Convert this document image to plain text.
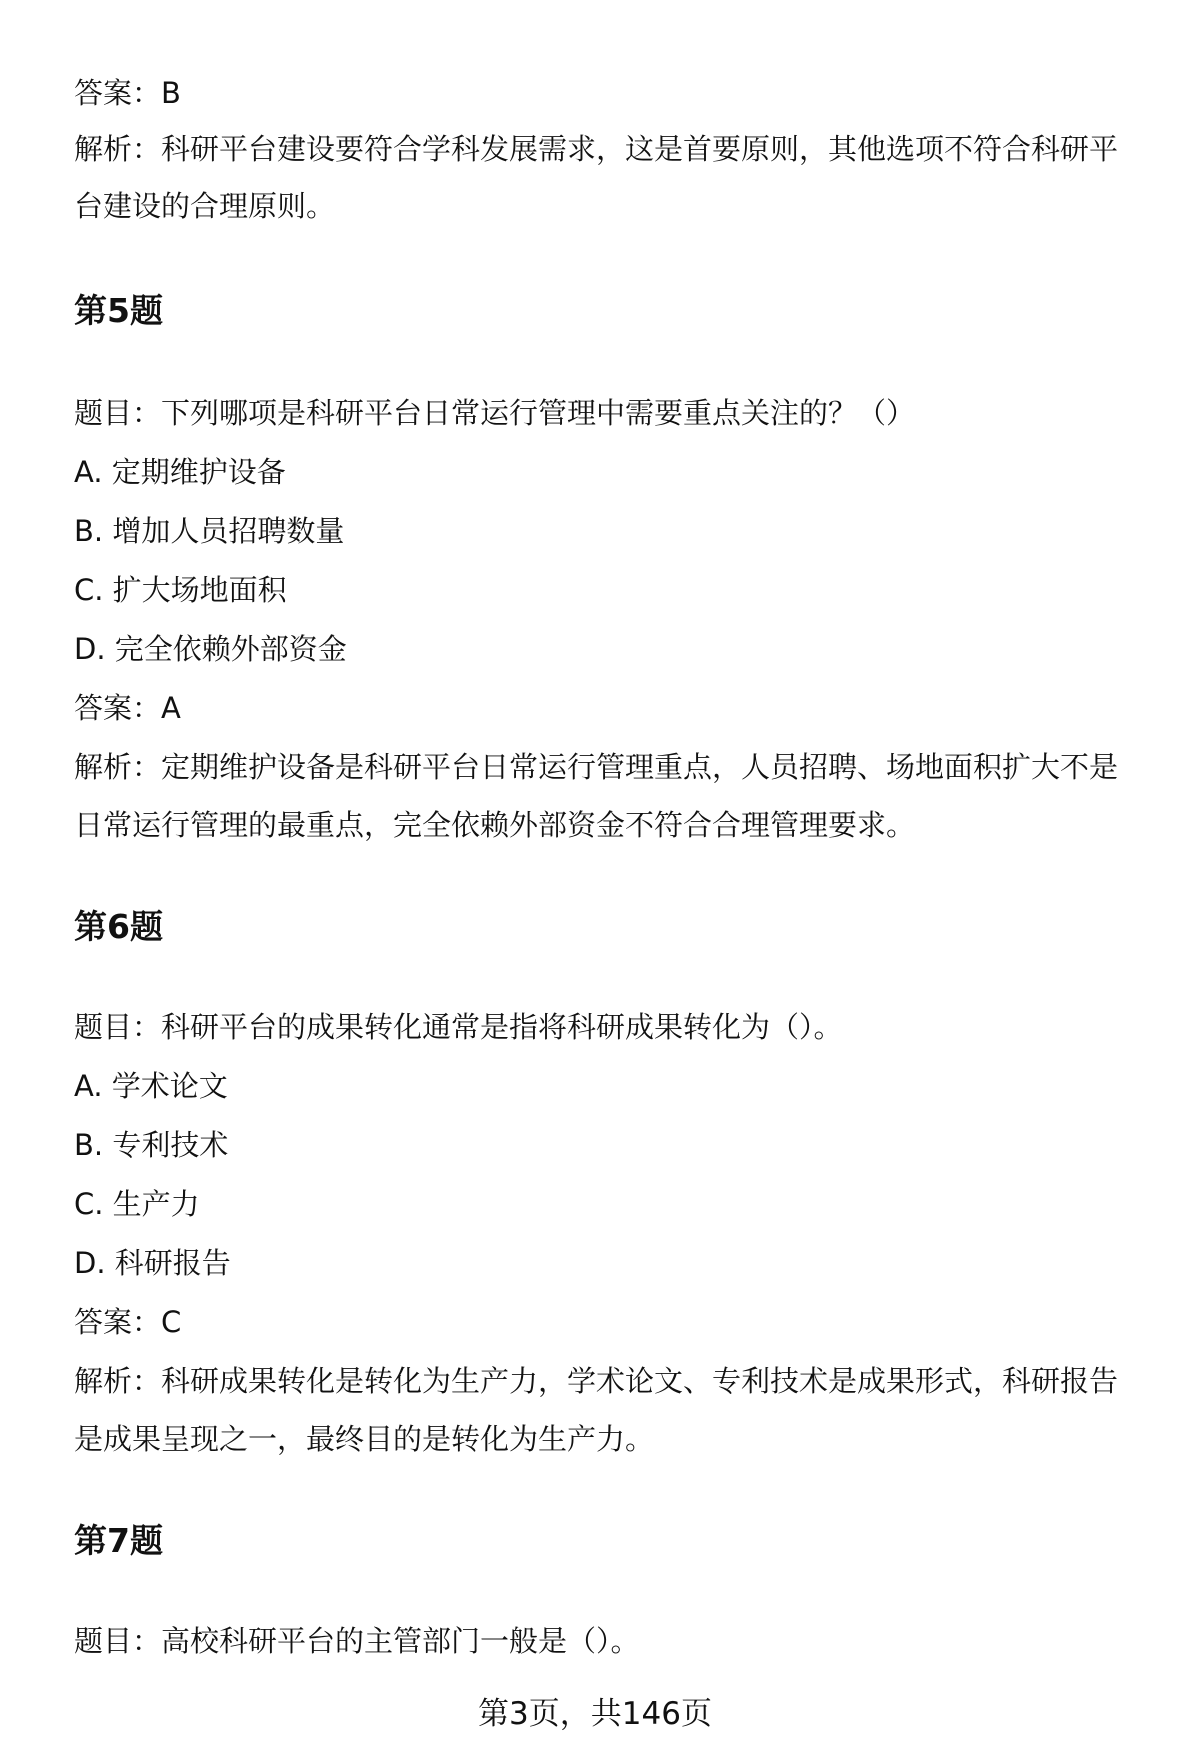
答案：B
解析：科研平台建设要符合学科发展需求，这是首要原则，其他选项不符合科研平
台建设的合理原则。
第5题
题目：下列哪项是科研平台日常运行管理中需要重点关注的？（）
A. 定期维护设备
B. 增加人员招聘数量
C. 扩大场地面积
D. 完全依赖外部资金
答案：A
解析：定期维护设备是科研平台日常运行管理重点，人员招聘、场地面积扩大不是
日常运行管理的最重点，完全依赖外部资金不符合合理管理要求。
第6题
题目：科研平台的成果转化通常是指将科研成果转化为（）。
A. 学术论文
B. 专利技术
C. 生产力
D. 科研报告
答案：C
解析：科研成果转化是转化为生产力，学术论文、专利技术是成果形式，科研报告
是成果呈现之一，最终目的是转化为生产力。
第7题
题目：高校科研平台的主管部门一般是（）。
第3页，共146页
